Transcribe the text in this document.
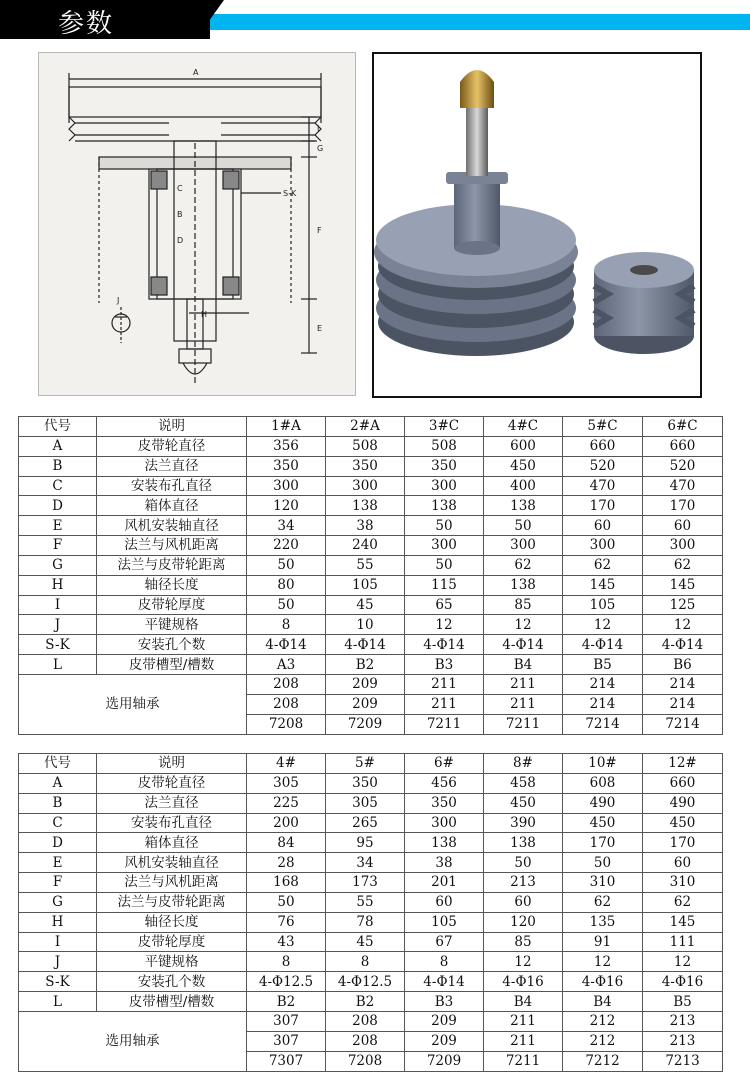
参数
A
I
G
C
B
D
S-K
F
J
H
E
代号	说明	1#A	2#A	3#C	4#C	5#C	6#C
A	皮带轮直径	356	508	508	600	660	660
B	法兰直径	350	350	350	450	520	520
C	安装布孔直径	300	300	300	400	470	470
D	箱体直径	120	138	138	138	170	170
E	风机安装轴直径	34	38	50	50	60	60
F	法兰与风机距离	220	240	300	300	300	300
G	法兰与皮带轮距离	50	55	50	62	62	62
H	轴径长度	80	105	115	138	145	145
I	皮带轮厚度	50	45	65	85	105	125
J	平键规格	8	10	12	12	12	12
S-K	安装孔个数	4-Φ14	4-Φ14	4-Φ14	4-Φ14	4-Φ14	4-Φ14
L	皮带槽型/槽数	A3	B2	B3	B4	B5	B6
选用轴承		208	209	211	211	214	214
		208	209	211	211	214	214
		7208	7209	7211	7211	7214	7214
代号	说明	4#	5#	6#	8#	10#	12#
A	皮带轮直径	305	350	456	458	608	660
B	法兰直径	225	305	350	450	490	490
C	安装布孔直径	200	265	300	390	450	450
D	箱体直径	84	95	138	138	170	170
E	风机安装轴直径	28	34	38	50	50	60
F	法兰与风机距离	168	173	201	213	310	310
G	法兰与皮带轮距离	50	55	60	60	62	62
H	轴径长度	76	78	105	120	135	145
I	皮带轮厚度	43	45	67	85	91	111
J	平键规格	8	8	8	12	12	12
S-K	安装孔个数	4-Φ12.5	4-Φ12.5	4-Φ14	4-Φ16	4-Φ16	4-Φ16
L	皮带槽型/槽数	B2	B2	B3	B4	B4	B5
选用轴承		307	208	209	211	212	213
		307	208	209	211	212	213
		7307	7208	7209	7211	7212	7213
